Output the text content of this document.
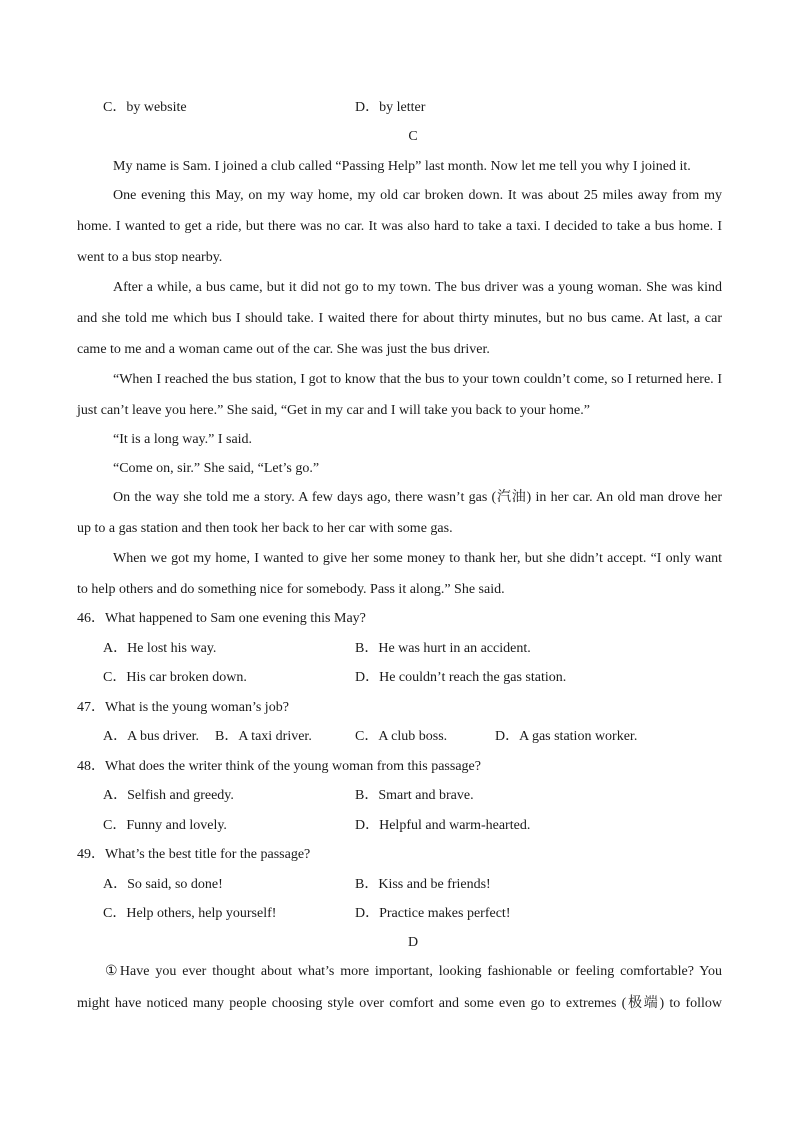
C．by website	D．by letter
C
My name is Sam. I joined a club called “Passing Help” last month. Now let me tell you why I joined it.
One evening this May, on my way home, my old car broken down. It was about 25 miles away from my
home. I wanted to get a ride, but there was no car. It was also hard to take a taxi. I decided to take a bus home. I
went to a bus stop nearby.
After a while, a bus came, but it did not go to my town. The bus driver was a young woman. She was kind
and she told me which bus I should take. I waited there for about thirty minutes, but no bus came. At last, a car
came to me and a woman came out of the car. She was just the bus driver.
“When I reached the bus station, I got to know that the bus to your town couldn’t come, so I returned here. I
just can’t leave you here.” She said, “Get in my car and I will take you back to your home.”
“It is a long way.” I said.
“Come on, sir.” She said, “Let’s go.”
On the way she told me a story. A few days ago, there wasn’t gas (汽油) in her car. An old man drove her
up to a gas station and then took her back to her car with some gas.
When we got my home, I wanted to give her some money to thank her, but she didn’t accept. “I only want
to help others and do something nice for somebody. Pass it along.” She said.
46．What happened to Sam one evening this May?
A．He lost his way.	B．He was hurt in an accident.
C．His car broken down.	D．He couldn’t reach the gas station.
47．What is the young woman’s job?
A．A bus driver. B．A taxi driver.	C．A club boss.	D．A gas station worker.
48．What does the writer think of the young woman from this passage?
A．Selfish and greedy.	B．Smart and brave.
C．Funny and lovely.	D．Helpful and warm-hearted.
49．What’s the best title for the passage?
A．So said, so done!	B．Kiss and be friends!
C．Help others, help yourself!	D．Practice makes perfect!
D
①Have you ever thought about what’s more important, looking fashionable or feeling comfortable? You
might have noticed many people choosing style over comfort and some even go to extremes (极端) to follow
